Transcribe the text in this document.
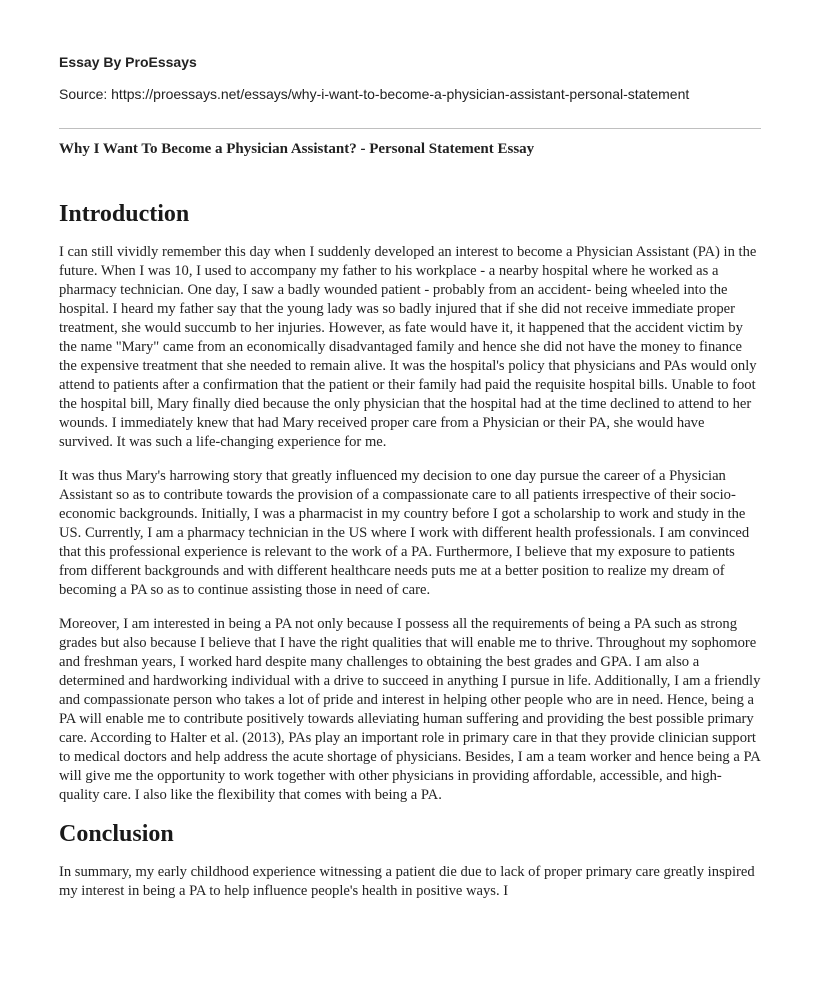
Essay By ProEssays

Source: https://proessays.net/essays/why-i-want-to-become-a-physician-assistant-personal-statement

Why I Want To Become a Physician Assistant? - Personal Statement Essay

Introduction

I can still vividly remember this day when I suddenly developed an interest to become a Physician Assistant (PA) in the future. When I was 10, I used to accompany my father to his workplace - a nearby hospital where he worked as a pharmacy technician. One day, I saw a badly wounded patient - probably from an accident- being wheeled into the hospital. I heard my father say that the young lady was so badly injured that if she did not receive immediate proper treatment, she would succumb to her injuries. However, as fate would have it, it happened that the accident victim by the name "Mary" came from an economically disadvantaged family and hence she did not have the money to finance the expensive treatment that she needed to remain alive. It was the hospital's policy that physicians and PAs would only attend to patients after a confirmation that the patient or their family had paid the requisite hospital bills. Unable to foot the hospital bill, Mary finally died because the only physician that the hospital had at the time declined to attend to her wounds. I immediately knew that had Mary received proper care from a Physician or their PA, she would have survived. It was such a life-changing experience for me.

It was thus Mary's harrowing story that greatly influenced my decision to one day pursue the career of a Physician Assistant so as to contribute towards the provision of a compassionate care to all patients irrespective of their socio-economic backgrounds. Initially, I was a pharmacist in my country before I got a scholarship to work and study in the US. Currently, I am a pharmacy technician in the US where I work with different health professionals. I am convinced that this professional experience is relevant to the work of a PA. Furthermore, I believe that my exposure to patients from different backgrounds and with different healthcare needs puts me at a better position to realize my dream of becoming a PA so as to continue assisting those in need of care.

Moreover, I am interested in being a PA not only because I possess all the requirements of being a PA such as strong grades but also because I believe that I have the right qualities that will enable me to thrive. Throughout my sophomore and freshman years, I worked hard despite many challenges to obtaining the best grades and GPA. I am also a determined and hardworking individual with a drive to succeed in anything I pursue in life. Additionally, I am a friendly and compassionate person who takes a lot of pride and interest in helping other people who are in need. Hence, being a PA will enable me to contribute positively towards alleviating human suffering and providing the best possible primary care. According to Halter et al. (2013), PAs play an important role in primary care in that they provide clinician support to medical doctors and help address the acute shortage of physicians. Besides, I am a team worker and hence being a PA will give me the opportunity to work together with other physicians in providing affordable, accessible, and high-quality care. I also like the flexibility that comes with being a PA.

Conclusion

In summary, my early childhood experience witnessing a patient die due to lack of proper primary care greatly inspired my interest in being a PA to help influence people's health in positive ways. I
